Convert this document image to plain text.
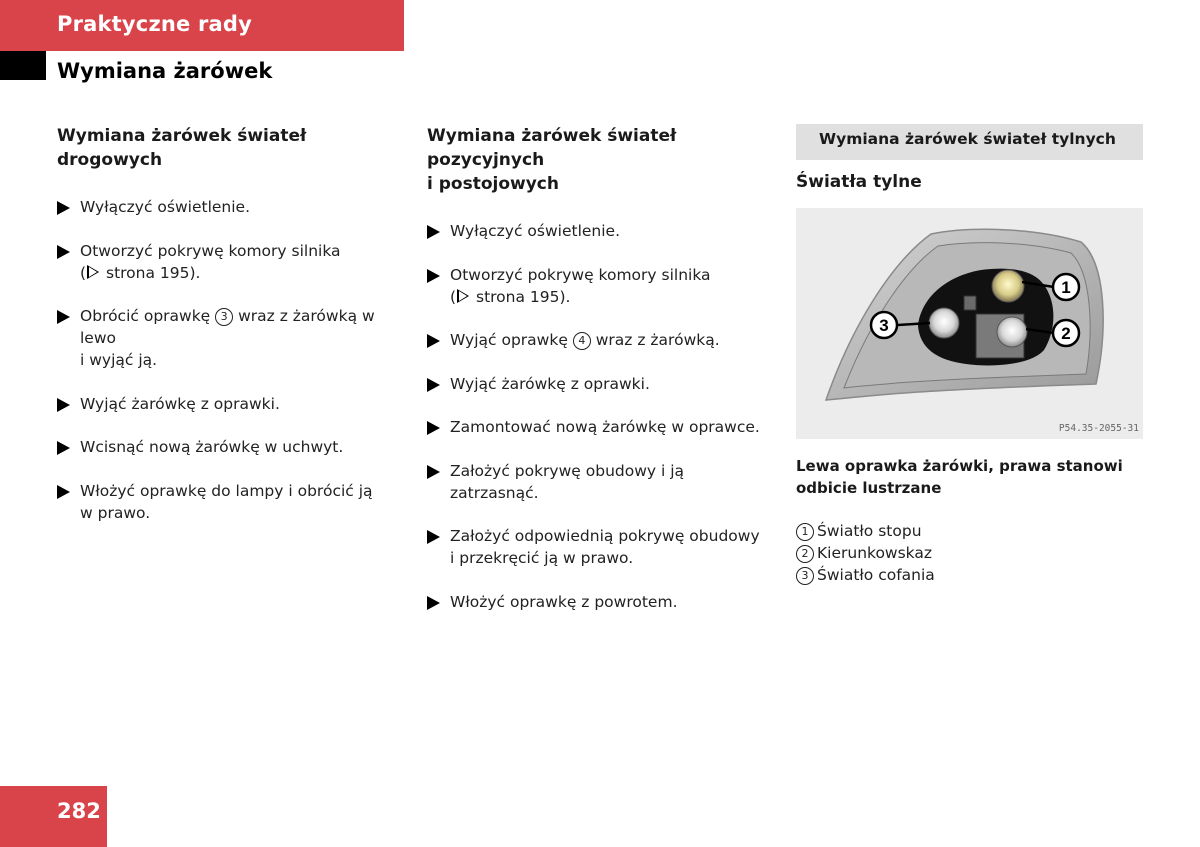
Praktyczne rady
Wymiana żarówek
Wymiana żarówek świateł drogowych
Wyłączyć oświetlenie.
Otworzyć pokrywę komory silnika
( strona 195).
Obrócić oprawkę 3 wraz z żarówką w lewo
i wyjąć ją.
Wyjąć żarówkę z oprawki.
Wcisnąć nową żarówkę w uchwyt.
Włożyć oprawkę do lampy i obrócić ją
w prawo.
Wymiana żarówek świateł pozycyjnych
i postojowych
Wyłączyć oświetlenie.
Otworzyć pokrywę komory silnika
( strona 195).
Wyjąć oprawkę 4 wraz z żarówką.
Wyjąć żarówkę z oprawki.
Zamontować nową żarówkę w oprawce.
Założyć pokrywę obudowy i ją zatrzasnąć.
Założyć odpowiednią pokrywę obudowy
i przekręcić ją w prawo.
Włożyć oprawkę z powrotem.
Wymiana żarówek świateł tylnych
Światła tylne
1
2
3
P54.35-2055-31
Lewa oprawka żarówki, prawa stanowi
odbicie lustrzane
1 Światło stopu
2 Kierunkowskaz
3 Światło cofania
282
